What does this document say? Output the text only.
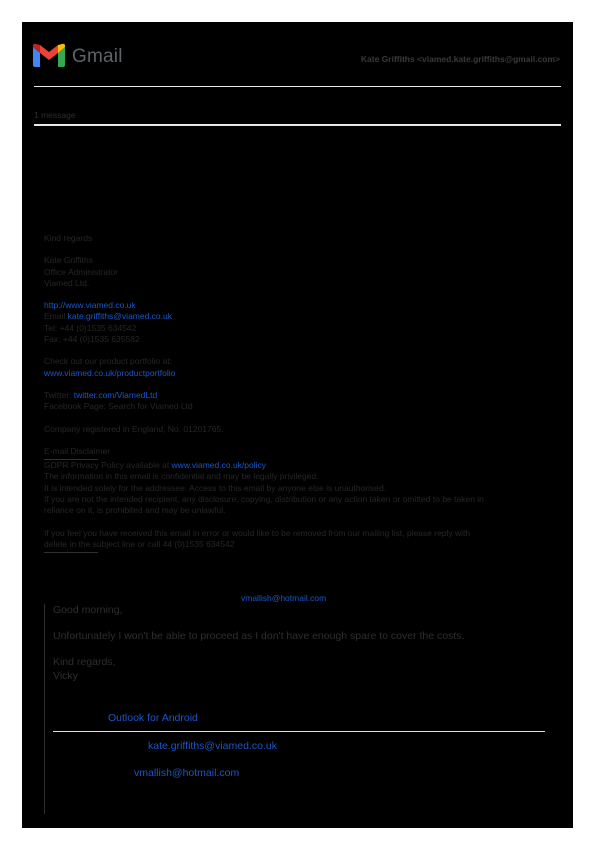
Gmail	Kate Griffiths <viamed.kate.griffiths@gmail.com>
1 message
Kind regards
Kate Griffiths
Office Administrator
Viamed Ltd.
http://www.viamed.co.uk
Email kate.griffiths@viamed.co.uk
Tel: +44 (0)1535 634542
Fax: +44 (0)1535 635582
Check out our product portfolio at:
www.viamed.co.uk/productportfolio
Twitter: twitter.com/ViamedLtd
Facebook Page: Search for Viamed Ltd
Company registered in England, No. 01201765.
E-mail Disclaimer
GDPR Privacy Policy available at www.viamed.co.uk/policy
The information in this email is confidential and may be legally privileged.
It is intended solely for the addressee. Access to this email by anyone else is unauthorised.
If you are not the intended recipient, any disclosure, copying, distribution or any action taken or omitted to be taken in
reliance on it, is prohibited and may be unlawful.
If you feel you have received this email in error or would like to be removed from our mailing list, please reply with
delete in the subject line or call 44 (0)1535 634542
vmallish@hotmail.com
Good morning,
Unfortunately I won't be able to proceed as I don't have enough spare to cover the costs.
Kind regards,
Vicky
Outlook for Android
kate.griffiths@viamed.co.uk
vmallish@hotmail.com
